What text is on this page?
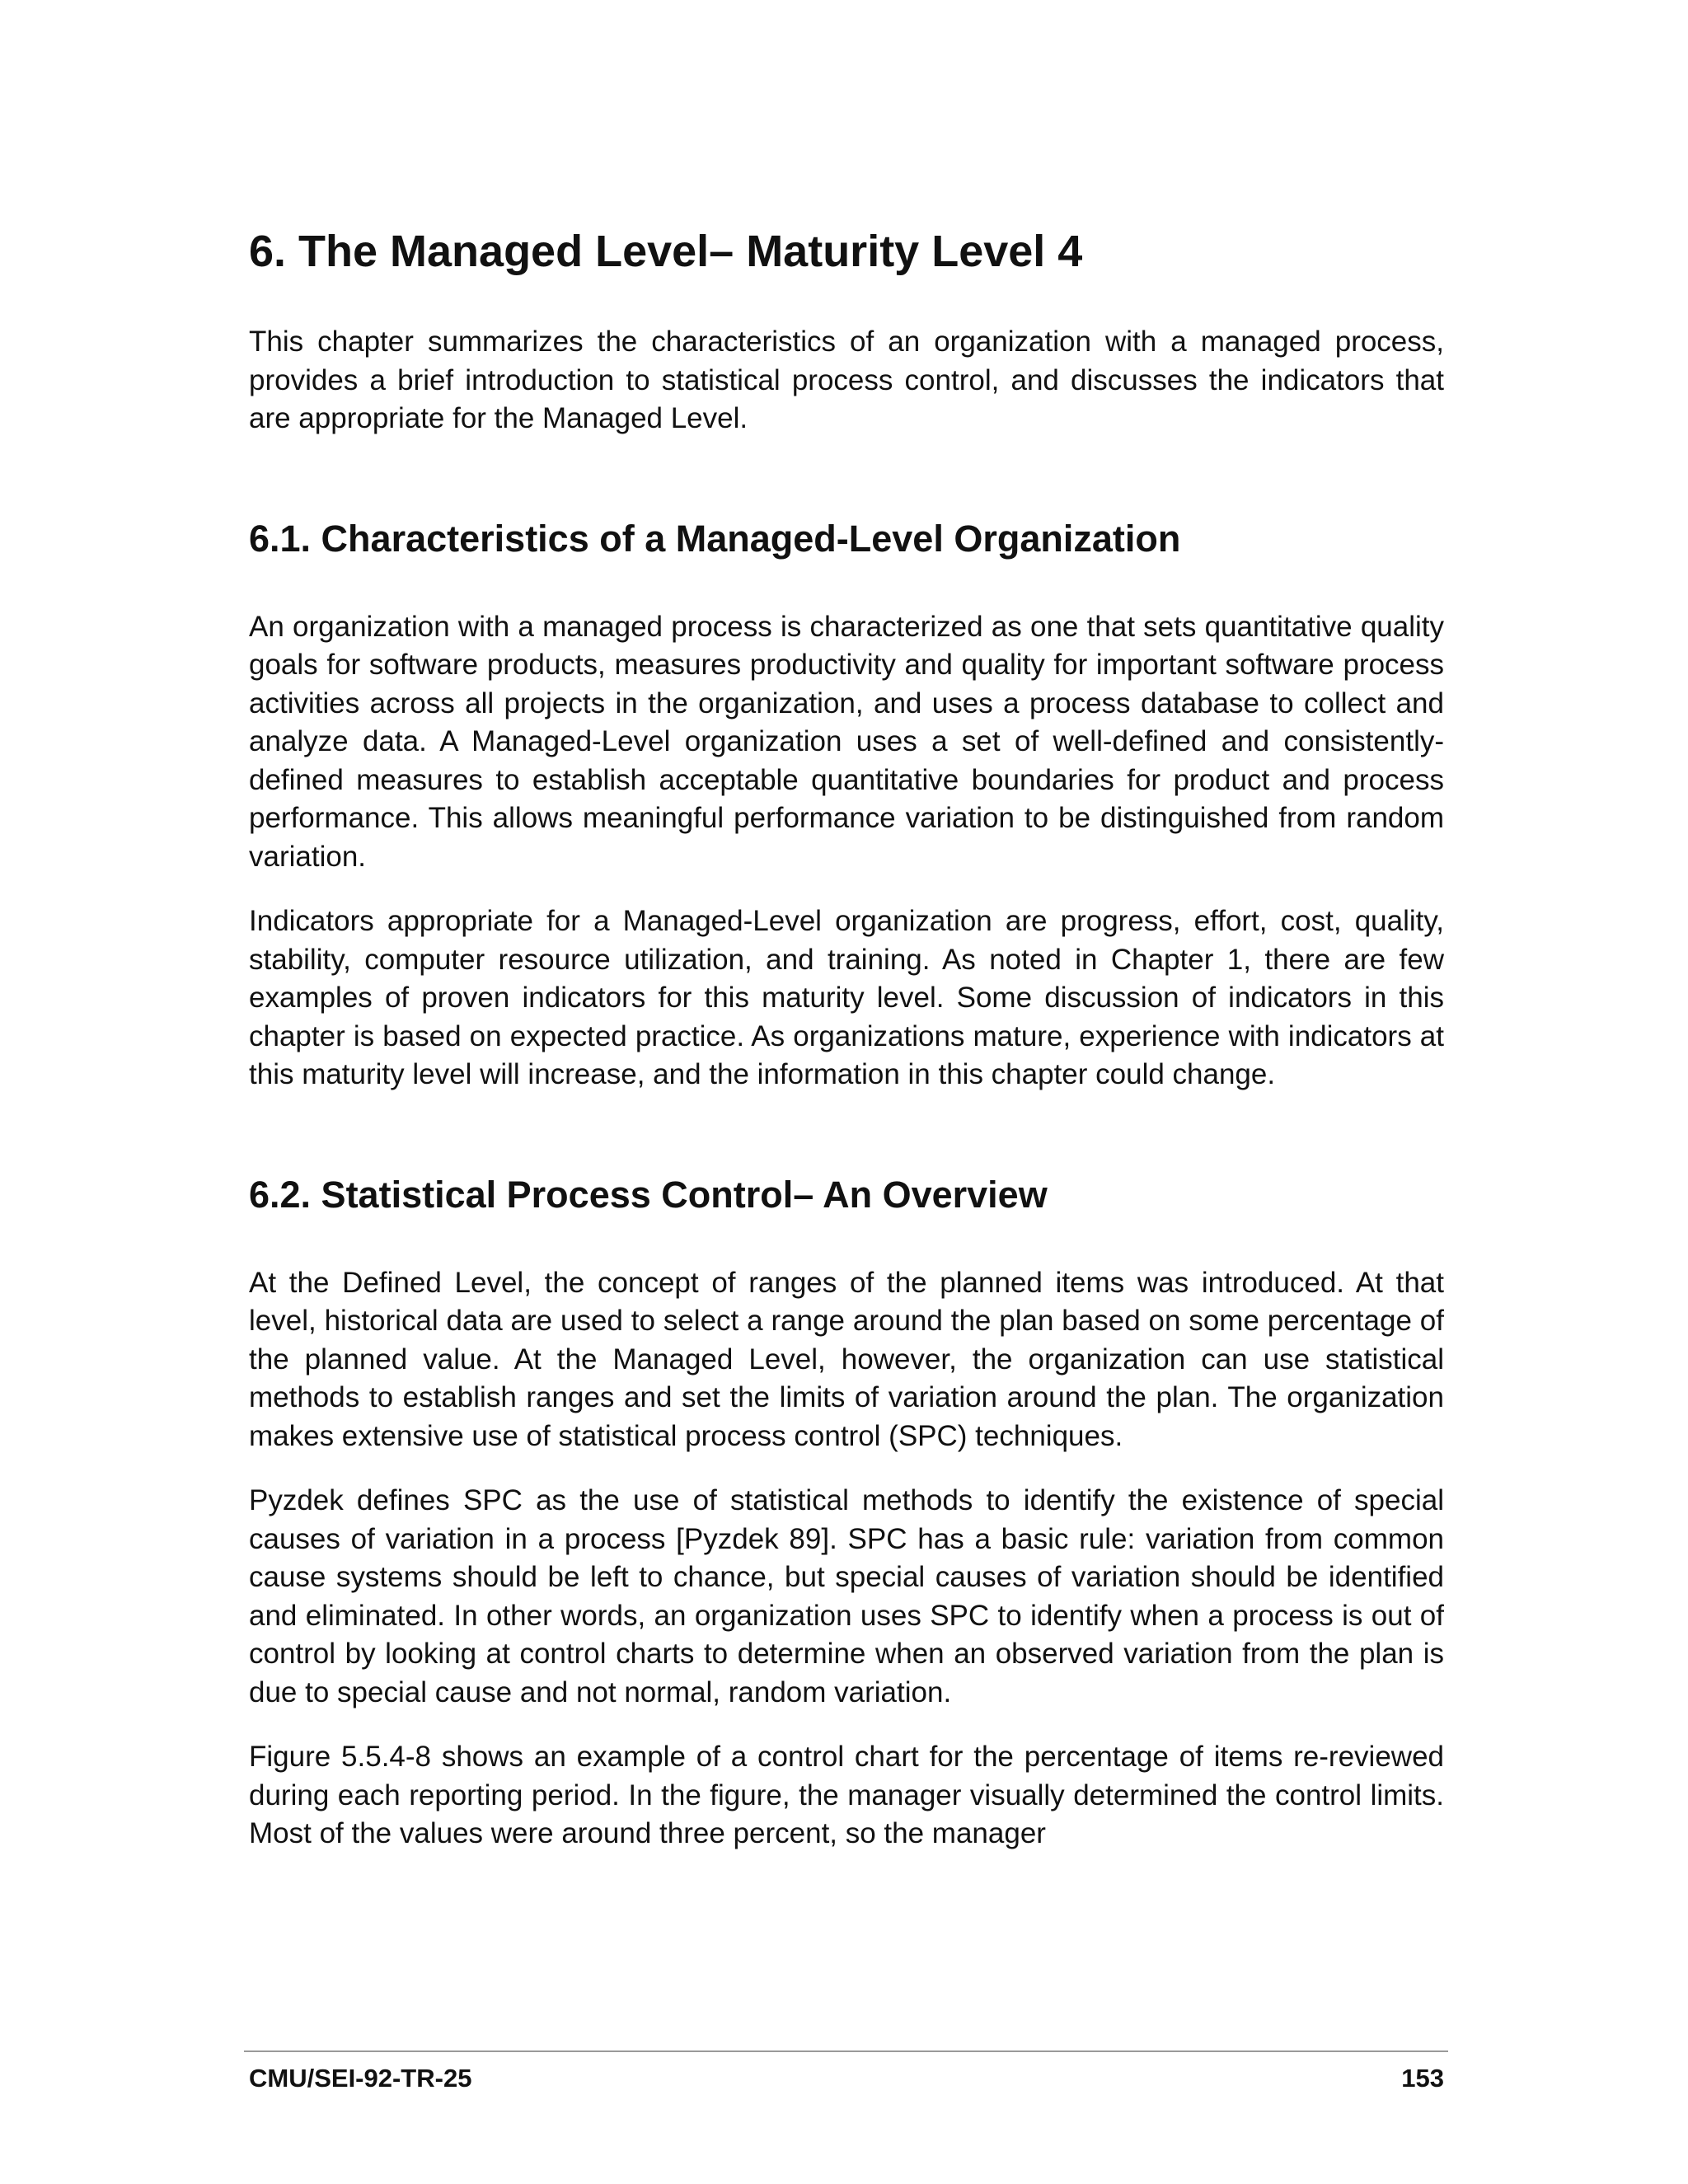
6. The Managed Level– Maturity Level 4

This chapter summarizes the characteristics of an organization with a managed process, provides a brief introduction to statistical process control, and discusses the indicators that are appropriate for the Managed Level.

6.1. Characteristics of a Managed-Level Organization

An organization with a managed process is characterized as one that sets quantitative quality goals for software products, measures productivity and quality for important software process activities across all projects in the organization, and uses a process database to collect and analyze data. A Managed-Level organization uses a set of well-defined and consistently-defined measures to establish acceptable quantitative boundaries for product and process performance. This allows meaningful performance variation to be distinguished from random variation.

Indicators appropriate for a Managed-Level organization are progress, effort, cost, quality, stability, computer resource utilization, and training. As noted in Chapter 1, there are few examples of proven indicators for this maturity level. Some discussion of indicators in this chapter is based on expected practice. As organizations mature, experience with indicators at this maturity level will increase, and the information in this chapter could change.

6.2. Statistical Process Control– An Overview

At the Defined Level, the concept of ranges of the planned items was introduced. At that level, historical data are used to select a range around the plan based on some percentage of the planned value. At the Managed Level, however, the organization can use statistical methods to establish ranges and set the limits of variation around the plan. The organization makes extensive use of statistical process control (SPC) techniques.

Pyzdek defines SPC as the use of statistical methods to identify the existence of special causes of variation in a process [Pyzdek 89]. SPC has a basic rule: variation from common cause systems should be left to chance, but special causes of variation should be identified and eliminated. In other words, an organization uses SPC to identify when a process is out of control by looking at control charts to determine when an observed variation from the plan is due to special cause and not normal, random variation.

Figure 5.5.4-8 shows an example of a control chart for the percentage of items re-reviewed during each reporting period. In the figure, the manager visually determined the control limits. Most of the values were around three percent, so the manager

CMU/SEI-92-TR-25	153
